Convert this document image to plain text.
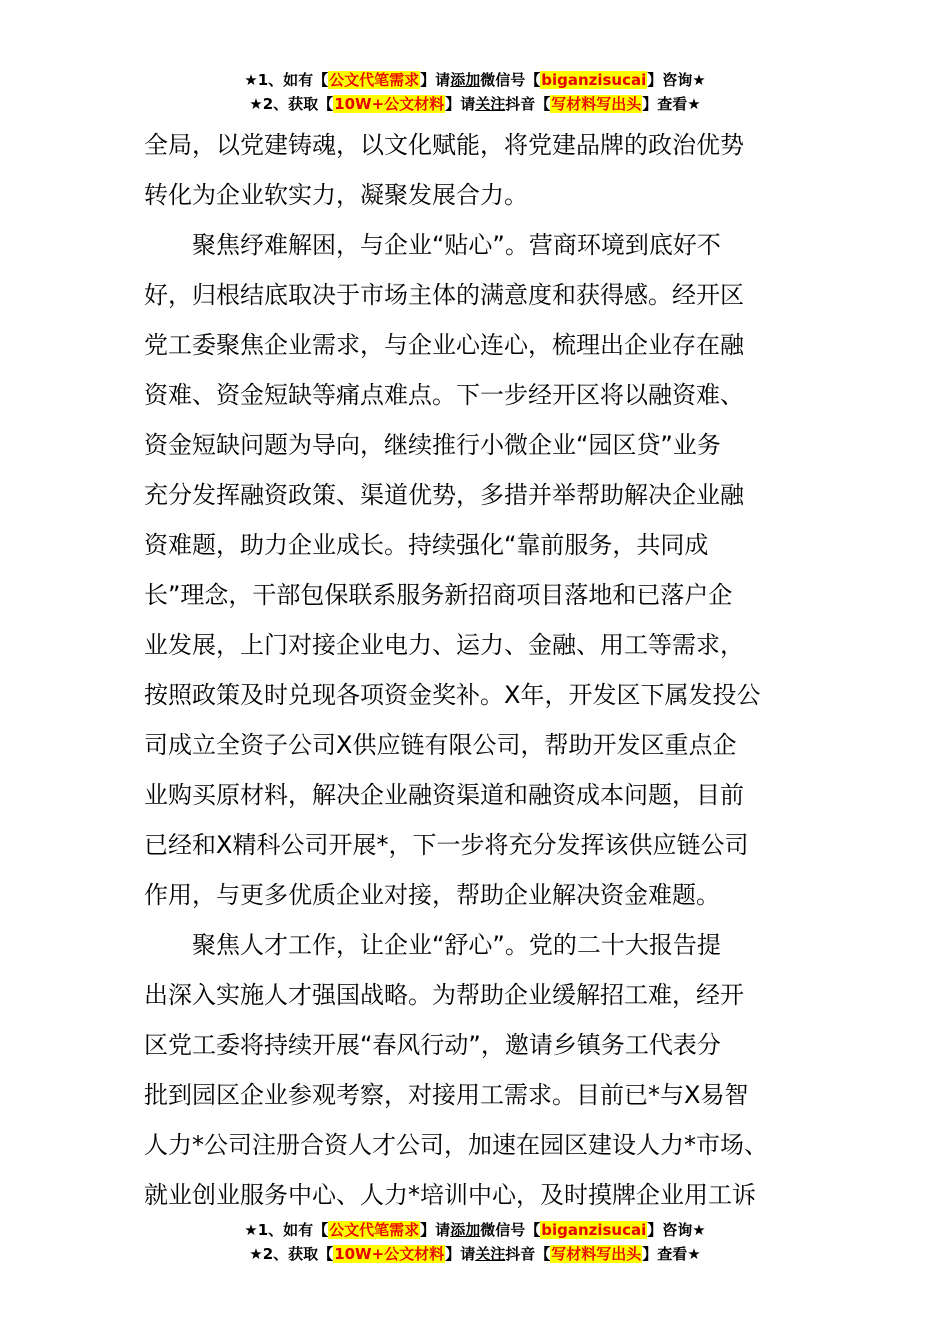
★1、如有【公文代笔需求】请添加微信号【biganzisucai】咨询★
★2、获取【10W+公文材料】请关注抖音【写材料写出头】查看★
全局，以党建铸魂，以文化赋能，将党建品牌的政治优势
转化为企业软实力，凝聚发展合力。
聚焦纾难解困，与企业“贴心”。营商环境到底好不
好，归根结底取决于市场主体的满意度和获得感。经开区
党工委聚焦企业需求，与企业心连心，梳理出企业存在融
资难、资金短缺等痛点难点。下一步经开区将以融资难、
资金短缺问题为导向，继续推行小微企业“园区贷”业务
充分发挥融资政策、渠道优势，多措并举帮助解决企业融
资难题，助力企业成长。持续强化“靠前服务，共同成
长”理念，干部包保联系服务新招商项目落地和已落户企
业发展，上门对接企业电力、运力、金融、用工等需求，
按照政策及时兑现各项资金奖补。X年，开发区下属发投公
司成立全资子公司X供应链有限公司，帮助开发区重点企
业购买原材料，解决企业融资渠道和融资成本问题，目前
已经和X精科公司开展*，下一步将充分发挥该供应链公司
作用，与更多优质企业对接，帮助企业解决资金难题。
聚焦人才工作，让企业“舒心”。党的二十大报告提
出深入实施人才强国战略。为帮助企业缓解招工难，经开
区党工委将持续开展“春风行动”，邀请乡镇务工代表分
批到园区企业参观考察，对接用工需求。目前已*与X易智
人力*公司注册合资人才公司，加速在园区建设人力*市场、
就业创业服务中心、人力*培训中心，及时摸牌企业用工诉
★1、如有【公文代笔需求】请添加微信号【biganzisucai】咨询★
★2、获取【10W+公文材料】请关注抖音【写材料写出头】查看★
